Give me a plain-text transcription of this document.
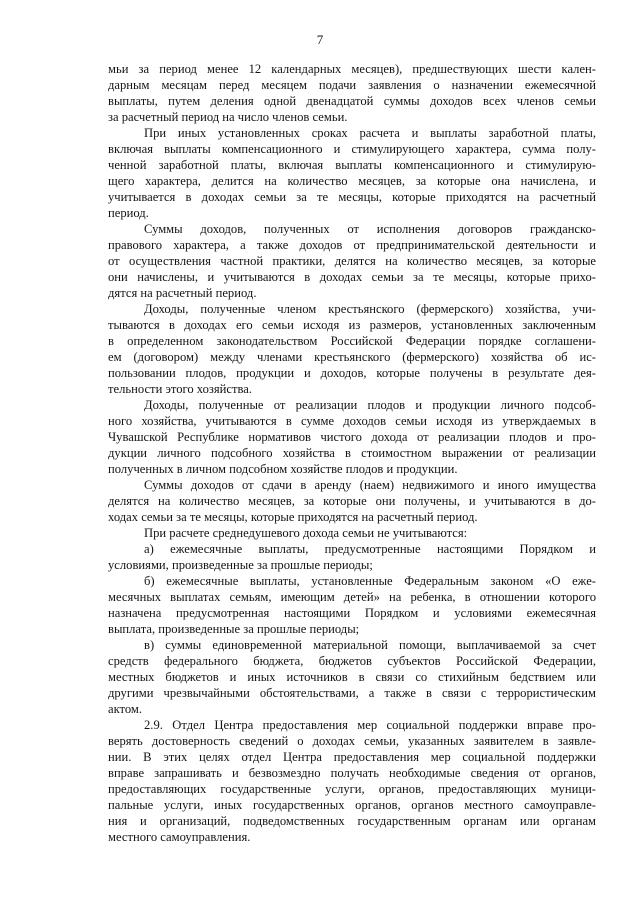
7
мьи за период менее 12 календарных месяцев), предшествующих шести кален-
дарным месяцам перед месяцем подачи заявления о назначении ежемесячной
выплаты, путем деления одной двенадцатой суммы доходов всех членов семьи
за расчетный период на число членов семьи.
При иных установленных сроках расчета и выплаты заработной платы,
включая выплаты компенсационного и стимулирующего характера, сумма полу-
ченной заработной платы, включая выплаты компенсационного и стимулирую-
щего характера, делится на количество месяцев, за которые она начислена, и
учитывается в доходах семьи за те месяцы, которые приходятся на расчетный
период.
Суммы доходов, полученных от исполнения договоров гражданско-
правового характера, а также доходов от предпринимательской деятельности и
от осуществления частной практики, делятся на количество месяцев, за которые
они начислены, и учитываются в доходах семьи за те месяцы, которые прихо-
дятся на расчетный период.
Доходы, полученные членом крестьянского (фермерского) хозяйства, учи-
тываются в доходах его семьи исходя из размеров, установленных заключенным
в определенном законодательством Российской Федерации порядке соглашени-
ем (договором) между членами крестьянского (фермерского) хозяйства об ис-
пользовании плодов, продукции и доходов, которые получены в результате дея-
тельности этого хозяйства.
Доходы, полученные от реализации плодов и продукции личного подсоб-
ного хозяйства, учитываются в сумме доходов семьи исходя из утверждаемых в
Чувашской Республике нормативов чистого дохода от реализации плодов и про-
дукции личного подсобного хозяйства в стоимостном выражении от реализации
полученных в личном подсобном хозяйстве плодов и продукции.
Суммы доходов от сдачи в аренду (наем) недвижимого и иного имущества
делятся на количество месяцев, за которые они получены, и учитываются в до-
ходах семьи за те месяцы, которые приходятся на расчетный период.
При расчете среднедушевого дохода семьи не учитываются:
а) ежемесячные выплаты, предусмотренные настоящими Порядком и
условиями, произведенные за прошлые периоды;
б) ежемесячные выплаты, установленные Федеральным законом «О еже-
месячных выплатах семьям, имеющим детей» на ребенка, в отношении которого
назначена предусмотренная настоящими Порядком и условиями ежемесячная
выплата, произведенные за прошлые периоды;
в) суммы единовременной материальной помощи, выплачиваемой за счет
средств федерального бюджета, бюджетов субъектов Российской Федерации,
местных бюджетов и иных источников в связи со стихийным бедствием или
другими чрезвычайными обстоятельствами, а также в связи с террористическим
актом.
2.9. Отдел Центра предоставления мер социальной поддержки вправе про-
верять достоверность сведений о доходах семьи, указанных заявителем в заявле-
нии. В этих целях отдел Центра предоставления мер социальной поддержки
вправе запрашивать и безвозмездно получать необходимые сведения от органов,
предоставляющих государственные услуги, органов, предоставляющих муници-
пальные услуги, иных государственных органов, органов местного самоуправле-
ния и организаций, подведомственных государственным органам или органам
местного самоуправления.
